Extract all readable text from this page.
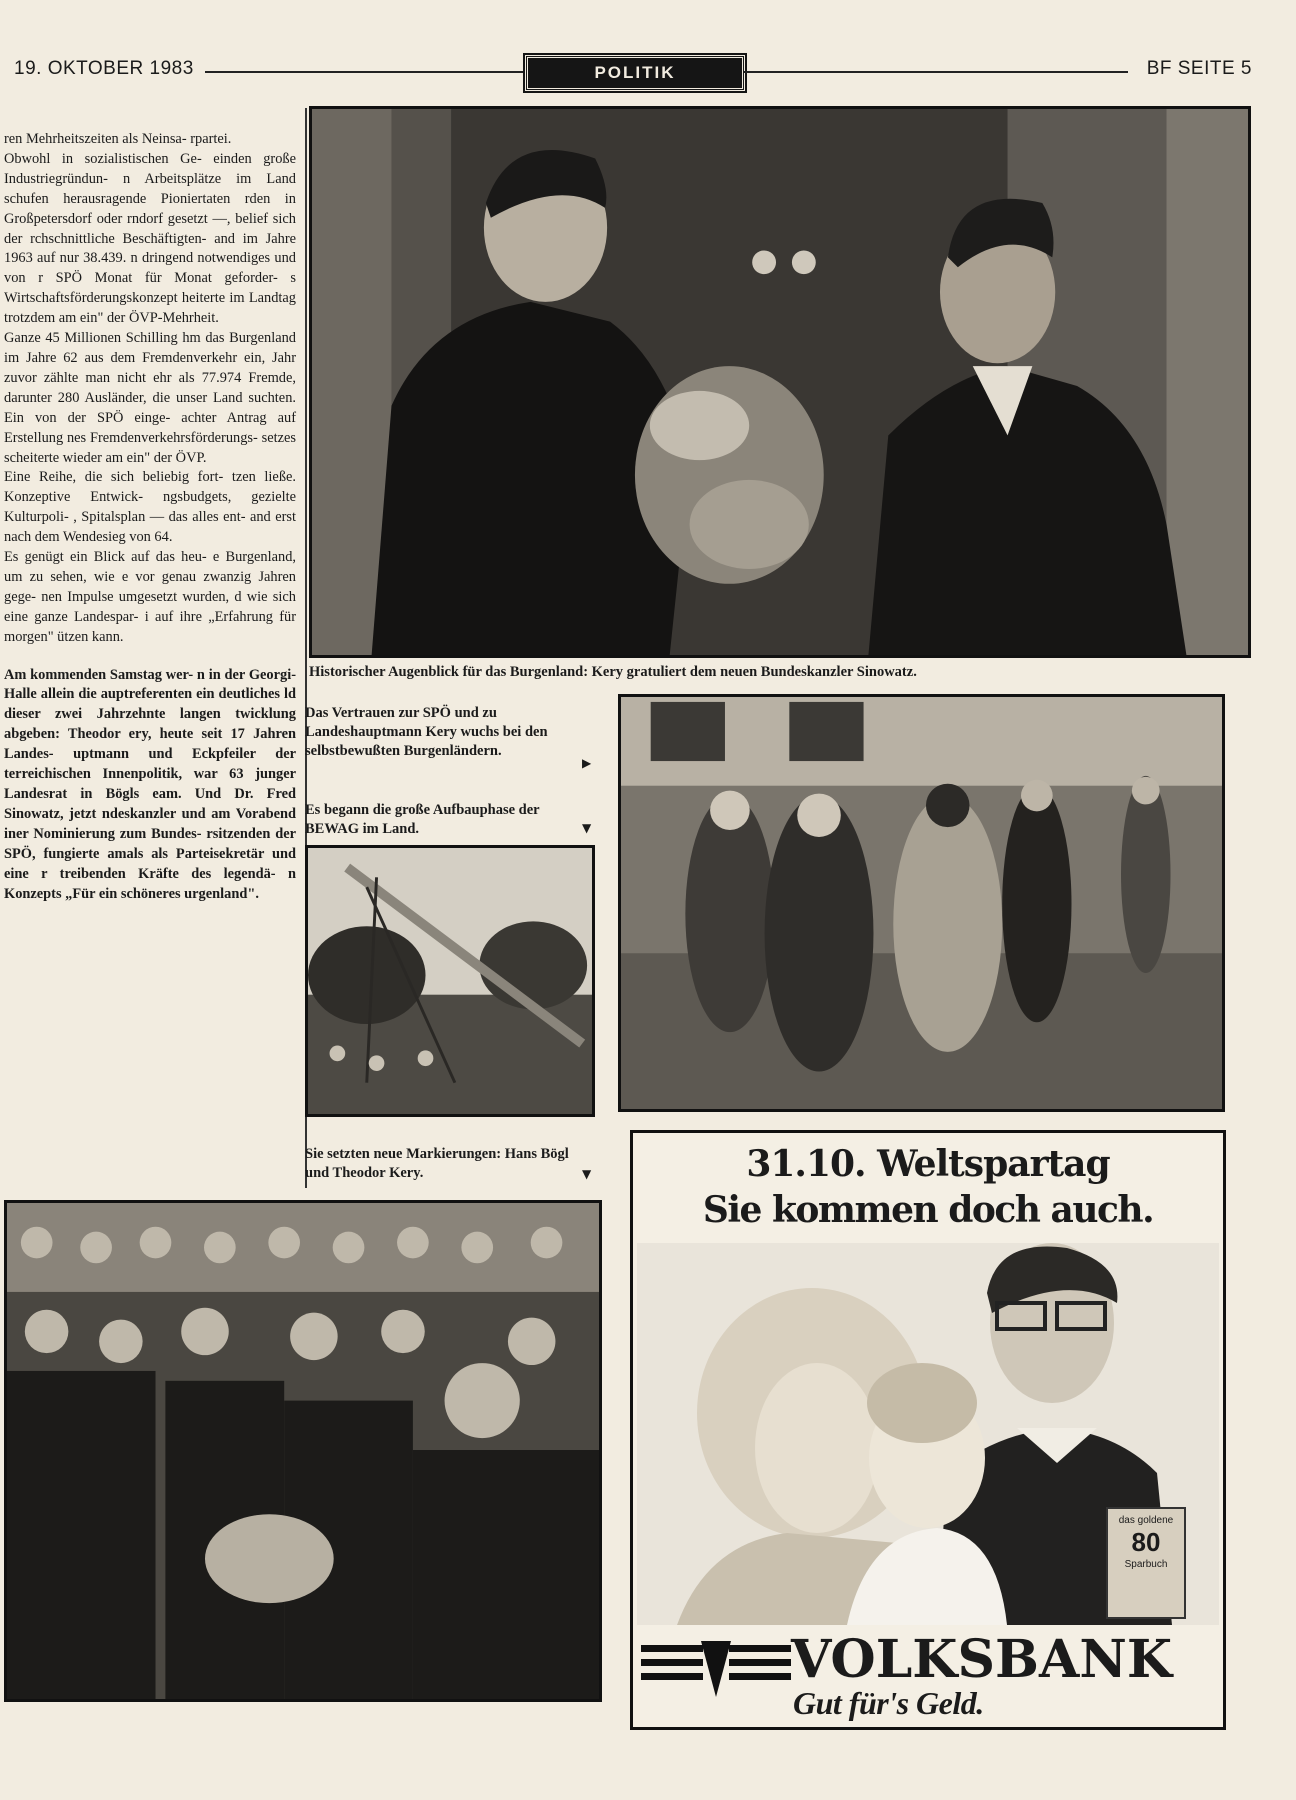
19. OKTOBER 1983	POLITIK	BF SEITE 5

ren Mehrheitszeiten als Neinsa- rpartei.

Obwohl in sozialistischen Ge- einden große Industriegründun- n Arbeitsplätze im Land schufen herausragende Pioniertaten rden in Großpetersdorf oder rndorf gesetzt —, belief sich der rchschnittliche Beschäftigten- and im Jahre 1963 auf nur 38.439. n dringend notwendiges und von r SPÖ Monat für Monat geforder- s Wirtschaftsförderungskonzept heiterte im Landtag trotzdem am ein" der ÖVP-Mehrheit.

Ganze 45 Millionen Schilling hm das Burgenland im Jahre 62 aus dem Fremdenverkehr ein, Jahr zuvor zählte man nicht ehr als 77.974 Fremde, darunter 280 Ausländer, die unser Land suchten. Ein von der SPÖ einge- achter Antrag auf Erstellung nes Fremdenverkehrsförderungs- setzes scheiterte wieder am ein" der ÖVP.

Eine Reihe, die sich beliebig fort- tzen ließe. Konzeptive Entwick- ngsbudgets, gezielte Kulturpoli- , Spitalsplan — das alles ent- and erst nach dem Wendesieg von 64.

Es genügt ein Blick auf das heu- e Burgenland, um zu sehen, wie e vor genau zwanzig Jahren gege- nen Impulse umgesetzt wurden, d wie sich eine ganze Landespar- i auf ihre „Erfahrung für morgen" ützen kann.

Am kommenden Samstag wer- n in der Georgi-Halle allein die auptreferenten ein deutliches ld dieser zwei Jahrzehnte langen twicklung abgeben: Theodor ery, heute seit 17 Jahren Landes- uptmann und Eckpfeiler der terreichischen Innenpolitik, war 63 junger Landesrat in Bögls eam. Und Dr. Fred Sinowatz, jetzt ndeskanzler und am Vorabend iner Nominierung zum Bundes- rsitzenden der SPÖ, fungierte amals als Parteisekretär und eine r treibenden Kräfte des legendä- n Konzepts „Für ein schöneres urgenland".

Historischer Augenblick für das Burgenland: Kery gratuliert dem neuen Bundeskanzler Sinowatz.
Das Vertrauen zur SPÖ und zu Landeshauptmann Kery wuchs bei den selbstbewußten Burgenländern.
▶
Es begann die große Aufbauphase der BEWAG im Land.	▼
Sie setzten neue Markierungen: Hans Bögl und Theodor Kery.	▼	31.10. Weltspartag
Sie kommen doch auch.
das goldene
80
Sparbuch
VOLKSBANK
Gut für's Geld.
